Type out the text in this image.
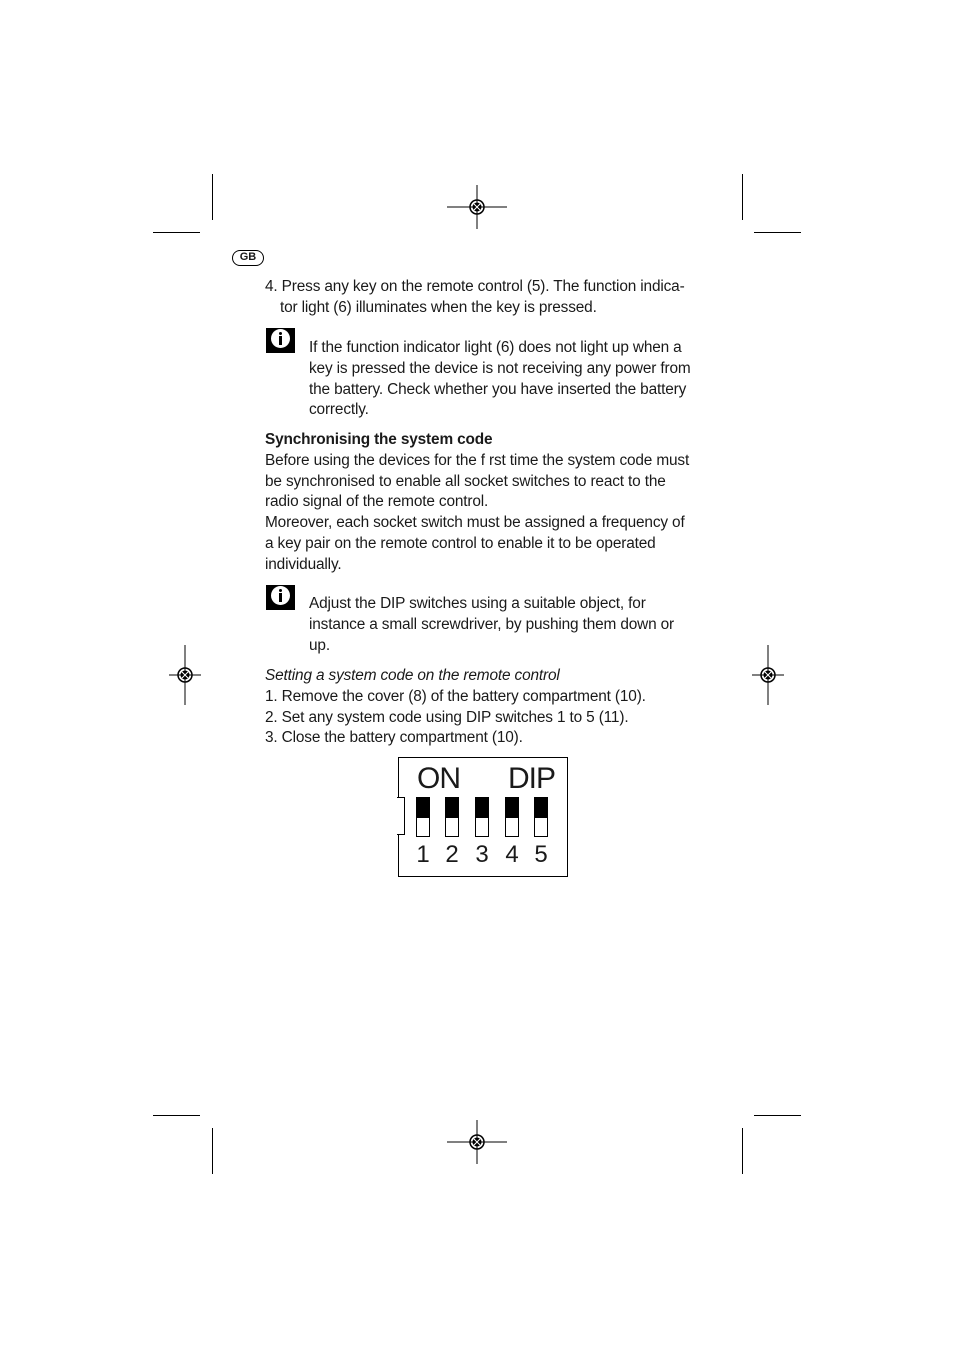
GB
4. Press any key on the remote control (5). The function indica-
tor light (6) illuminates when the key is pressed.
If the function indicator light (6) does not light up when a
key is pressed the device is not receiving any power from
the battery. Check whether you have inserted the battery
correctly.
Synchronising the system code
Before using the devices for the f rst time the system code must
be synchronised to enable all socket switches to react to the
radio signal of the remote control.
Moreover, each socket switch must be assigned a frequency of
a key pair on the remote control to enable it to be operated
individually.
Adjust the DIP switches using a suitable object, for
instance a small screwdriver, by pushing them down or
up.
Setting a system code on the remote control
1. Remove the cover (8) of the battery compartment (10).
2. Set any system code using DIP switches 1 to 5 (11).
3. Close the battery compartment (10).
ON DIP
1 2 3 4 5
